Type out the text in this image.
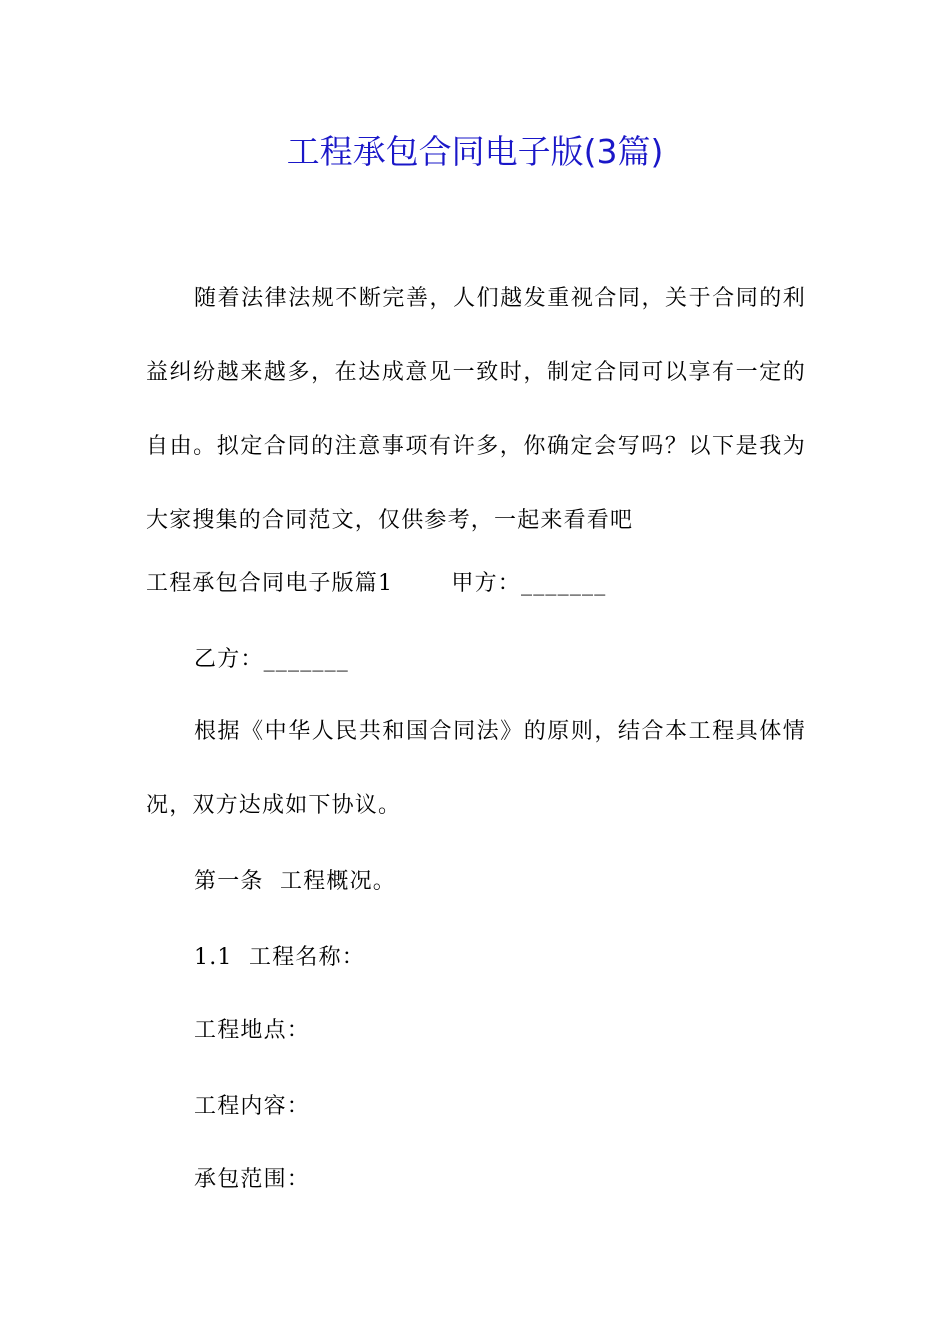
工程承包合同电子版(3篇)

随着法律法规不断完善，人们越发重视合同，关于合同的利益纠纷越来越多，在达成意见一致时，制定合同可以享有一定的自由。拟定合同的注意事项有许多，你确定会写吗？以下是我为大家搜集的合同范文，仅供参考，一起来看看吧

工程承包合同电子版篇1	甲方：_______
乙方：_______

根据《中华人民共和国合同法》的原则，结合本工程具体情况，双方达成如下协议。

第一条  工程概况。
1.1  工程名称：
工程地点：
工程内容：
承包范围：
